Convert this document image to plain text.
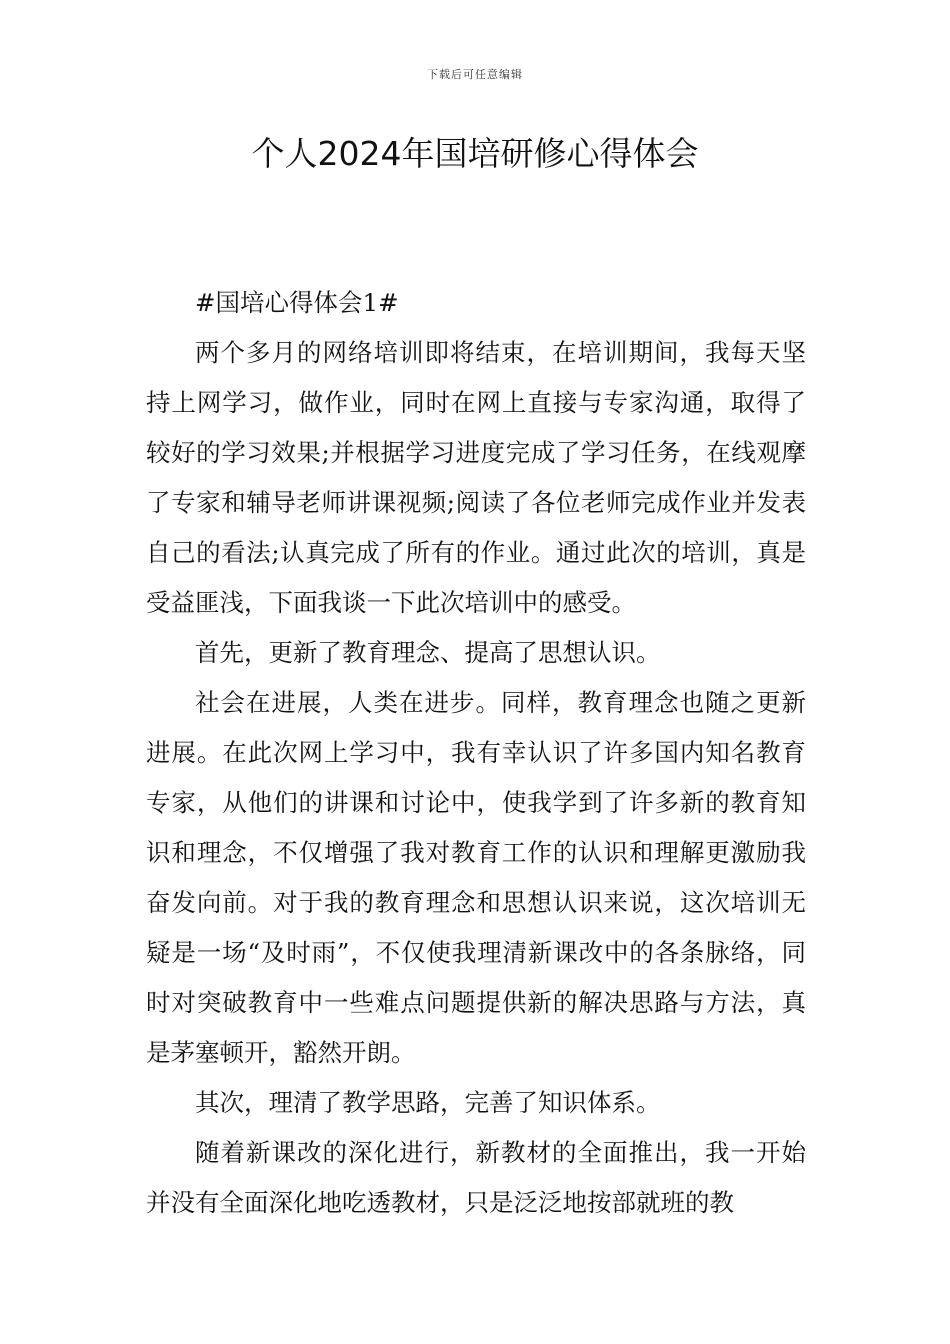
下载后可任意编辑
个人2024年国培研修心得体会

#国培心得体会1#

两个多月的网络培训即将结束，在培训期间，我每天坚持上网学习，做作业，同时在网上直接与专家沟通，取得了较好的学习效果;并根据学习进度完成了学习任务，在线观摩了专家和辅导老师讲课视频;阅读了各位老师完成作业并发表自己的看法;认真完成了所有的作业。通过此次的培训，真是受益匪浅，下面我谈一下此次培训中的感受。

首先，更新了教育理念、提高了思想认识。

社会在进展，人类在进步。同样，教育理念也随之更新进展。在此次网上学习中，我有幸认识了许多国内知名教育专家，从他们的讲课和讨论中，使我学到了许多新的教育知识和理念，不仅增强了我对教育工作的认识和理解更激励我奋发向前。对于我的教育理念和思想认识来说，这次培训无疑是一场“及时雨”，不仅使我理清新课改中的各条脉络，同时对突破教育中一些难点问题提供新的解决思路与方法，真是茅塞顿开，豁然开朗。

其次，理清了教学思路，完善了知识体系。

随着新课改的深化进行，新教材的全面推出，我一开始并没有全面深化地吃透教材，只是泛泛地按部就班的教
